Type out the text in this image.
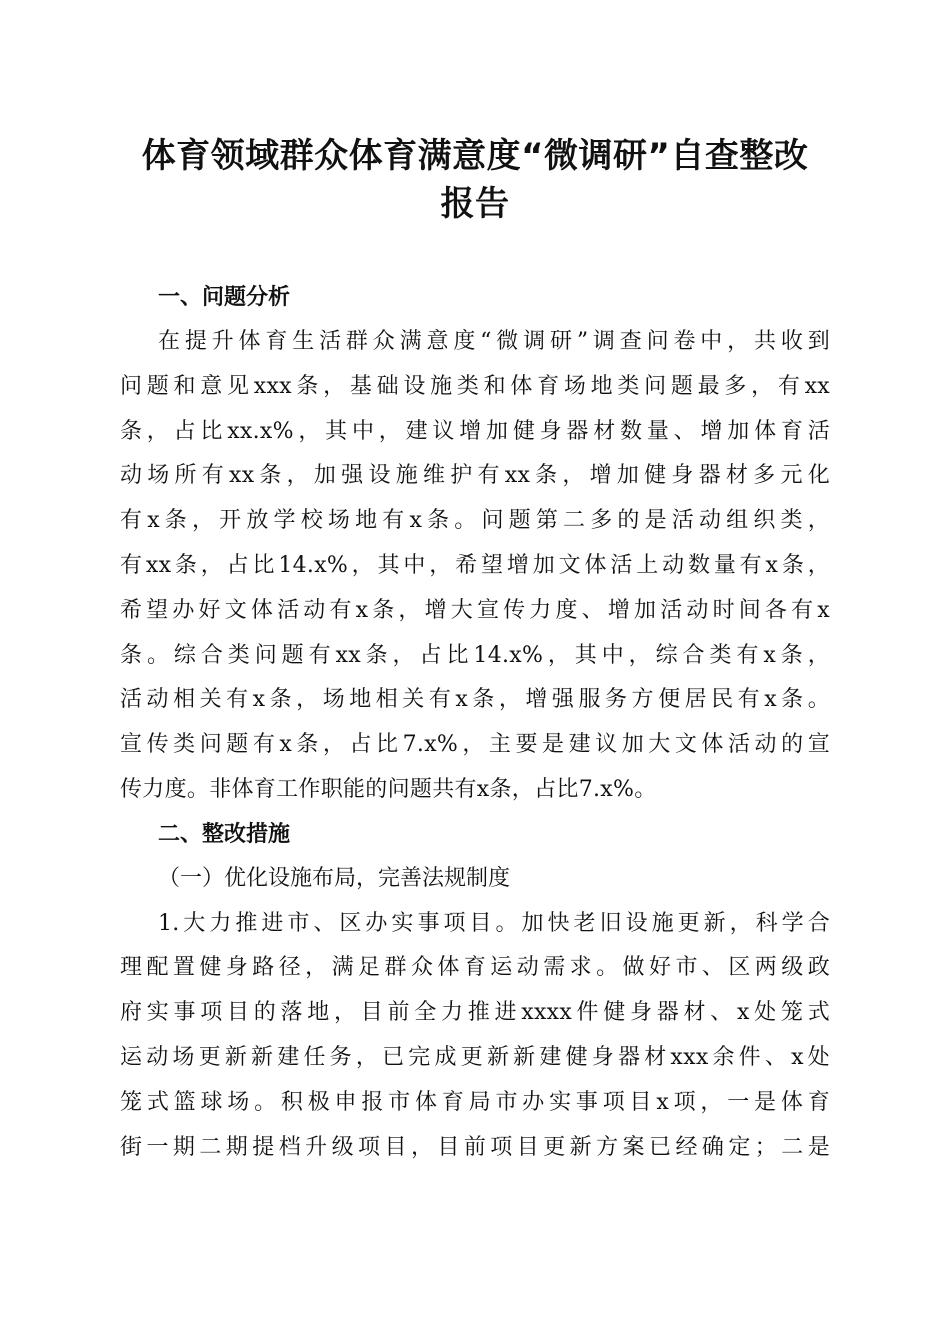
体育领域群众体育满意度“微调研”自查整改
报告

一、问题分析

在提升体育生活群众满意度“微调研”调查问卷中，共收到
问题和意见xxx条，基础设施类和体育场地类问题最多，有xx
条，占比xx.x%，其中，建议增加健身器材数量、增加体育活
动场所有xx条，加强设施维护有xx条，增加健身器材多元化
有x条，开放学校场地有x条。问题第二多的是活动组织类，
有xx条，占比14.x%，其中，希望增加文体活上动数量有x条，
希望办好文体活动有x条，增大宣传力度、增加活动时间各有x
条。综合类问题有xx条，占比14.x%，其中，综合类有x条，
活动相关有x条，场地相关有x条，增强服务方便居民有x条。
宣传类问题有x条，占比7.x%，主要是建议加大文体活动的宣
传力度。非体育工作职能的问题共有x条，占比7.x%。

二、整改措施

（一）优化设施布局，完善法规制度

1.大力推进市、区办实事项目。加快老旧设施更新，科学合
理配置健身路径，满足群众体育运动需求。做好市、区两级政
府实事项目的落地，目前全力推进xxxx件健身器材、x处笼式
运动场更新新建任务，已完成更新新建健身器材xxx余件、x处
笼式篮球场。积极申报市体育局市办实事项目x项，一是体育
街一期二期提档升级项目，目前项目更新方案已经确定；二是
